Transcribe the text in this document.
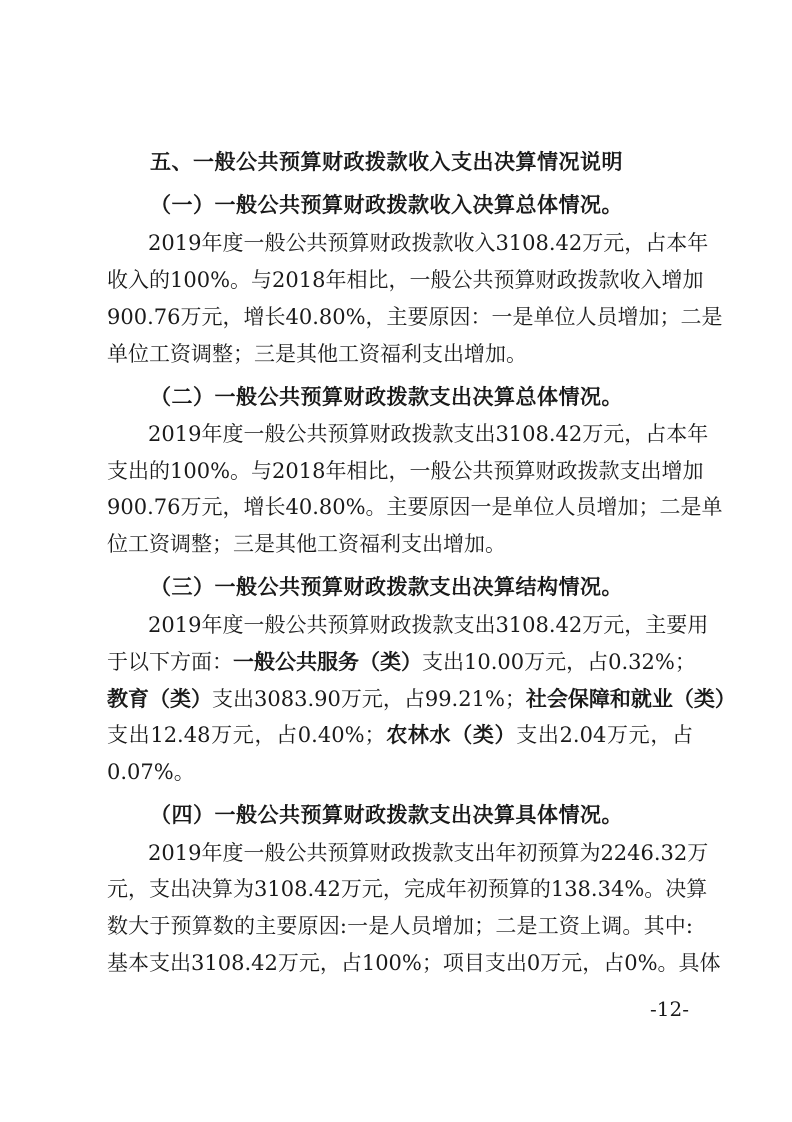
五、一般公共预算财政拨款收入支出决算情况说明
（一）一般公共预算财政拨款收入决算总体情况。
2019年度一般公共预算财政拨款收入3108.42万元，占本年
收入的100%。与2018年相比，一般公共预算财政拨款收入增加
900.76万元，增长40.80%，主要原因：一是单位人员增加；二是
单位工资调整；三是其他工资福利支出增加。
（二）一般公共预算财政拨款支出决算总体情况。
2019年度一般公共预算财政拨款支出3108.42万元，占本年
支出的100%。与2018年相比，一般公共预算财政拨款支出增加
900.76万元，增长40.80%。主要原因一是单位人员增加；二是单
位工资调整；三是其他工资福利支出增加。
（三）一般公共预算财政拨款支出决算结构情况。
2019年度一般公共预算财政拨款支出3108.42万元，主要用
于以下方面：一般公共服务（类）支出10.00万元，占0.32%；
教育（类）支出3083.90万元，占99.21%；社会保障和就业（类）
支出12.48万元，占0.40%；农林水（类）支出2.04万元，占
0.07%。
（四）一般公共预算财政拨款支出决算具体情况。
2019年度一般公共预算财政拨款支出年初预算为2246.32万
元，支出决算为3108.42万元，完成年初预算的138.34%。决算
数大于预算数的主要原因:一是人员增加；二是工资上调。其中:
基本支出3108.42万元，占100%；项目支出0万元，占0%。具体
-12-
